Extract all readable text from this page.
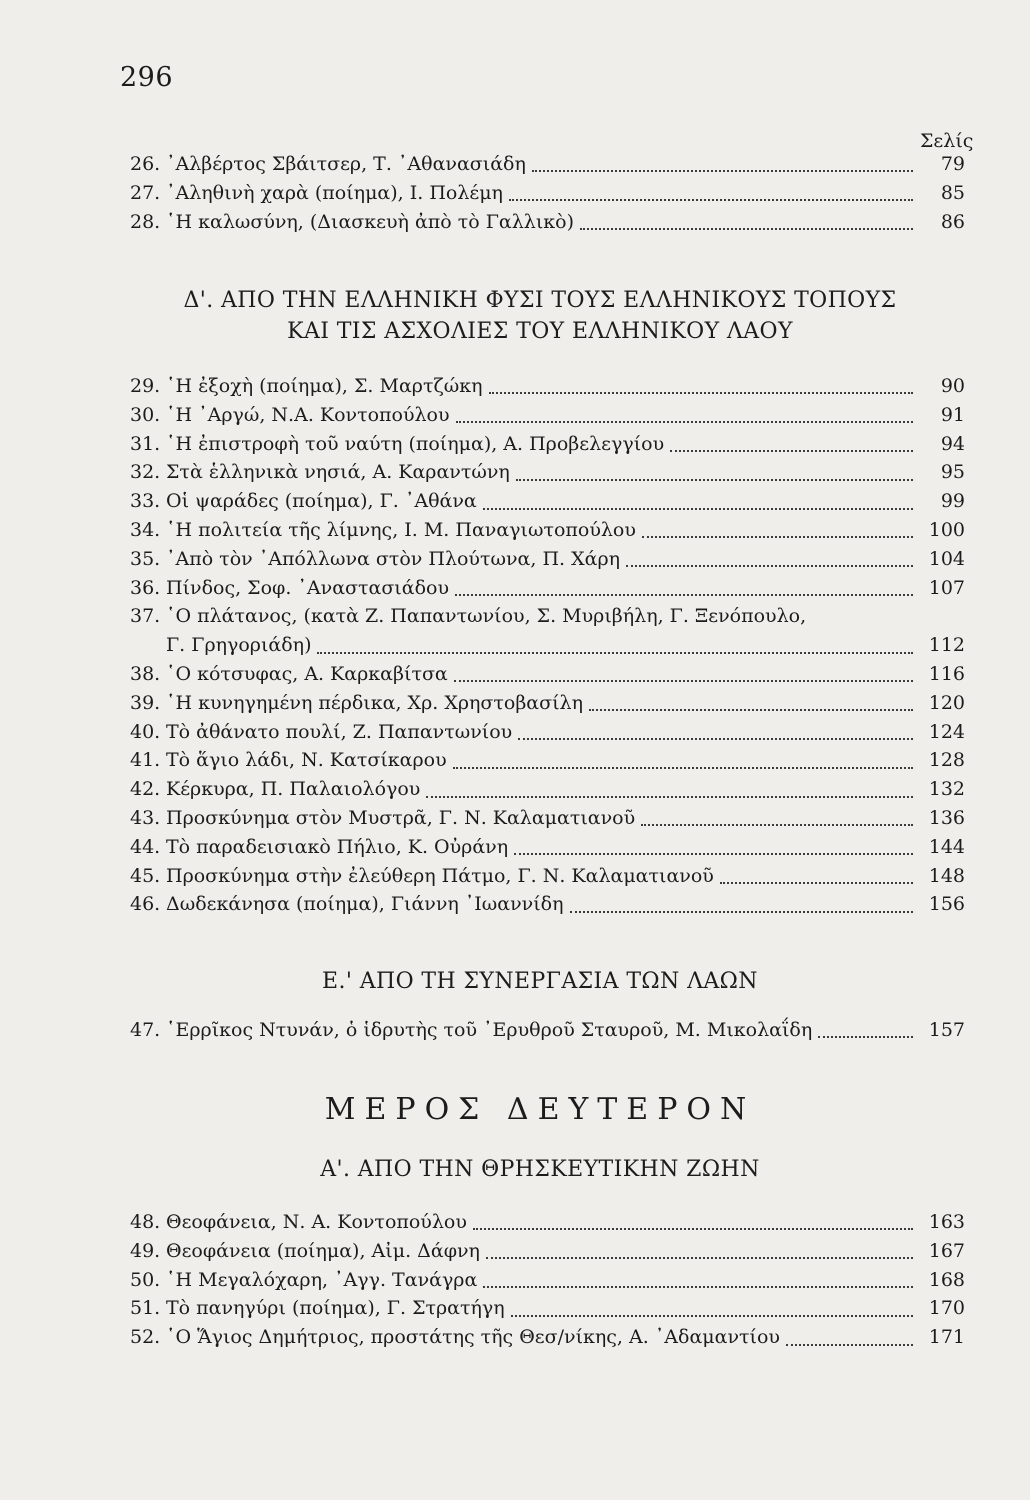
296
Σελίς
26. ᾿Αλβέρτος Σβάιτσερ, Τ. ᾿Αθανασιάδη	79
27. ᾿Αληθινὴ χαρὰ (ποίημα), Ι. Πολέμη	85
28. ῾Η καλωσύνη, (Διασκευὴ ἀπὸ τὸ Γαλλικὸ)	86
Δ'. ΑΠΟ ΤΗΝ ΕΛΛΗΝΙΚΗ ΦΥΣΙ ΤΟΥΣ ΕΛΛΗΝΙΚΟΥΣ ΤΟΠΟΥΣ
ΚΑΙ ΤΙΣ ΑΣΧΟΛΙΕΣ ΤΟΥ ΕΛΛΗΝΙΚΟΥ ΛΑΟΥ
29. ῾Η ἐξοχὴ (ποίημα), Σ. Μαρτζώκη	90
30. ῾Η ᾿Αργώ, Ν.Α. Κοντοπούλου	91
31. ῾Η ἐπιστροφὴ τοῦ ναύτη (ποίημα), Α. Προβελεγγίου	94
32. Στὰ ἑλληνικὰ νησιά, Α. Καραντώνη	95
33. Οἱ ψαράδες (ποίημα), Γ. ᾿Αθάνα	99
34. ῾Η πολιτεία τῆς λίμνης, Ι. Μ. Παναγιωτοπούλου	100
35. ᾿Απὸ τὸν ᾿Απόλλωνα στὸν Πλούτωνα, Π. Χάρη	104
36. Πίνδος, Σοφ. ᾿Αναστασιάδου	107
37. ῾Ο πλάτανος, (κατὰ Ζ. Παπαντωνίου, Σ. Μυριβήλη, Γ. Ξενόπουλο,
Γ. Γρηγοριάδη)	112
38. ῾Ο κότσυφας, Α. Καρκαβίτσα	116
39. ῾Η κυνηγημένη πέρδικα, Χρ. Χρηστοβασίλη	120
40. Τὸ ἀθάνατο πουλί, Ζ. Παπαντωνίου	124
41. Τὸ ἅγιο λάδι, Ν. Κατσίκαρου	128
42. Κέρκυρα, Π. Παλαιολόγου	132
43. Προσκύνημα στὸν Μυστρᾶ, Γ. Ν. Καλαματιανοῦ	136
44. Τὸ παραδεισιακὸ Πήλιο, Κ. Οὐράνη	144
45. Προσκύνημα στὴν ἐλεύθερη Πάτμο, Γ. Ν. Καλαματιανοῦ	148
46. Δωδεκάνησα (ποίημα), Γιάννη ᾿Ιωαννίδη	156
Ε.' ΑΠΟ ΤΗ ΣΥΝΕΡΓΑΣΙΑ ΤΩΝ ΛΑΩΝ
47. ῾Ερρῖκος Ντυνάν, ὁ ἱδρυτὴς τοῦ ᾿Ερυθροῦ Σταυροῦ, Μ. Μικολαΐδη	157
ΜΕΡΟΣ ΔΕΥΤΕΡΟΝ
Α'. ΑΠΟ ΤΗΝ ΘΡΗΣΚΕΥΤΙΚΗΝ ΖΩΗΝ
48. Θεοφάνεια, Ν. Α. Κοντοπούλου	163
49. Θεοφάνεια (ποίημα), Αἰμ. Δάφνη	167
50. ῾Η Μεγαλόχαρη, ᾿Αγγ. Τανάγρα	168
51. Τὸ πανηγύρι (ποίημα), Γ. Στρατήγη	170
52. ῾Ο Ἅγιος Δημήτριος, προστάτης τῆς Θεσ/νίκης, Α. ᾿Αδαμαντίου	171
